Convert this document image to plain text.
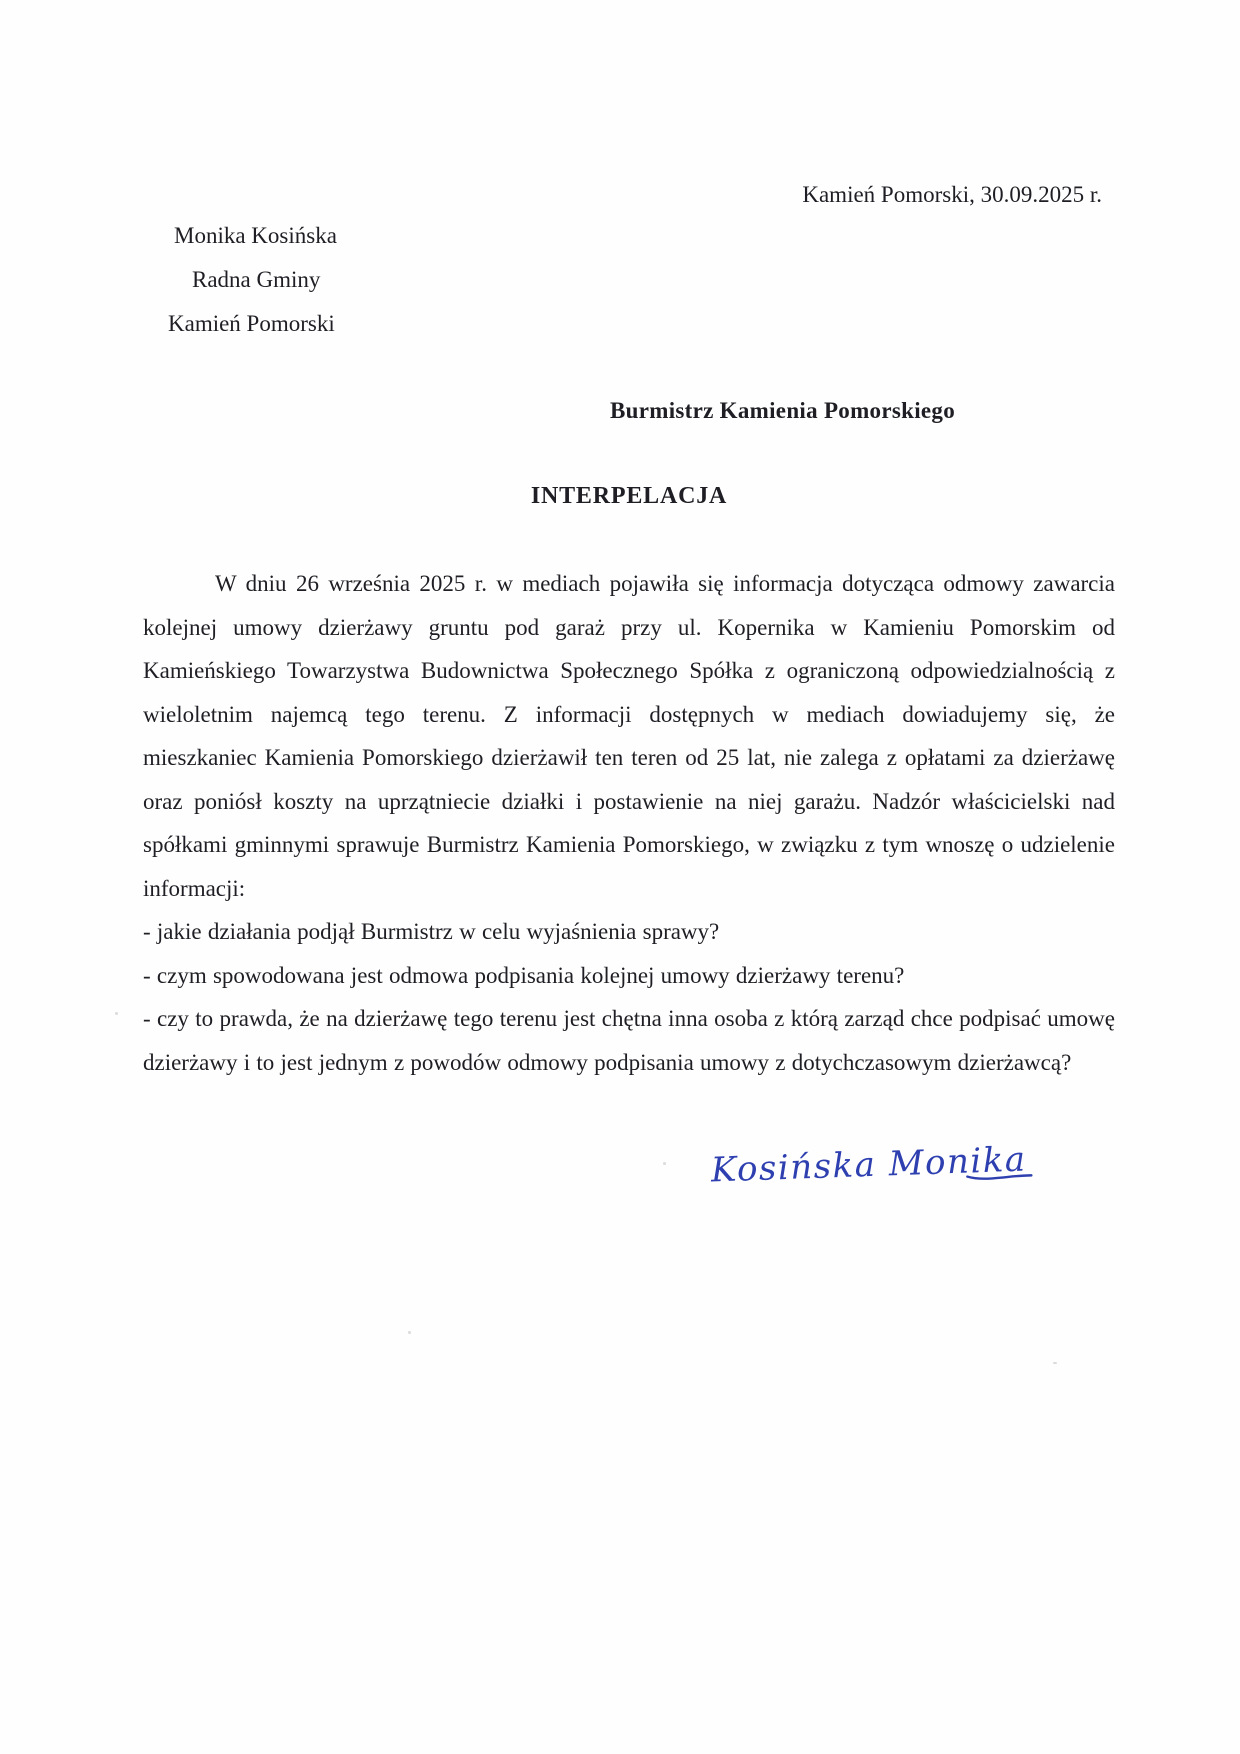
Kamień Pomorski, 30.09.2025 r.
Monika Kosińska
Radna Gminy
Kamień Pomorski
Burmistrz Kamienia Pomorskiego
INTERPELACJA

W dniu 26 września 2025 r. w mediach pojawiła się informacja dotycząca odmowy zawarcia kolejnej umowy dzierżawy gruntu pod garaż przy ul. Kopernika w Kamieniu Pomorskim od Kamieńskiego Towarzystwa Budownictwa Społecznego Spółka z ograniczoną odpowiedzialnością z wieloletnim najemcą tego terenu. Z informacji dostępnych w mediach dowiadujemy się, że mieszkaniec Kamienia Pomorskiego dzierżawił ten teren od 25 lat, nie zalega z opłatami za dzierżawę oraz poniósł koszty na uprzątniecie działki i postawienie na niej garażu. Nadzór właścicielski nad spółkami gminnymi sprawuje Burmistrz Kamienia Pomorskiego, w związku z tym wnoszę o udzielenie informacji:

- jakie działania podjął Burmistrz w celu wyjaśnienia sprawy?
- czym spowodowana jest odmowa podpisania kolejnej umowy dzierżawy terenu?
- czy to prawda, że na dzierżawę tego terenu jest chętna inna osoba z którą zarząd chce podpisać umowę dzierżawy i to jest jednym z powodów odmowy podpisania umowy z dotychczasowym dzierżawcą?
Kosińska Monika
